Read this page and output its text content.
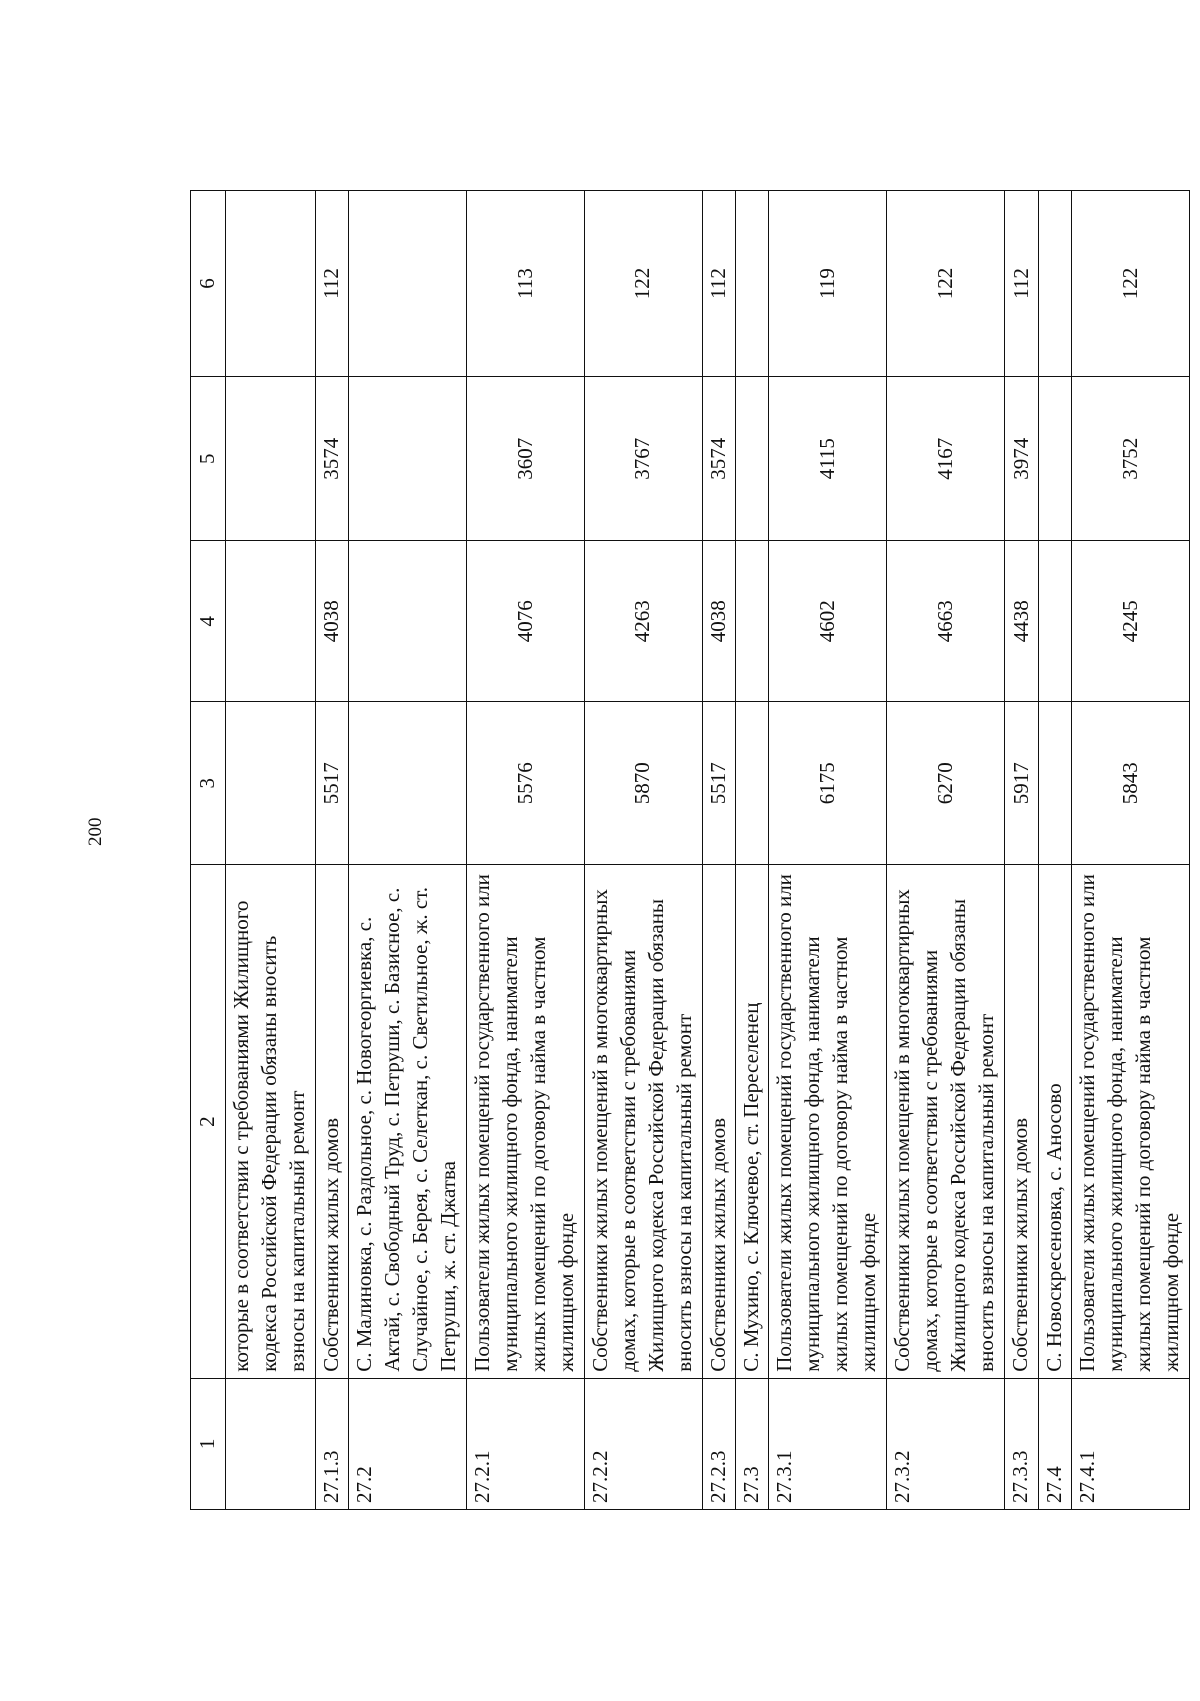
200
1	2	3	4	5	6
	которые в соответствии с требованиями Жилищного кодекса Российской Федерации обязаны вносить взносы на капитальный ремонт				
27.1.3	Собственники жилых домов	5517	4038	3574	112
27.2	С. Малиновка, с. Раздольное, с. Новогеоргиевка, с. Актай, с. Свободный Труд, с. Петруши, с. Базисное, с. Случайное, с. Берея, с. Селеткан, с. Светильное, ж. ст. Петруши, ж. ст. Джатва				
27.2.1	Пользователи жилых помещений государственного или муниципального жилищного фонда, наниматели жилых помещений по договору найма в частном жилищном фонде	5576	4076	3607	113
27.2.2	Собственники жилых помещений в многоквартирных домах, которые в соответствии с требованиями Жилищного кодекса Российской Федерации обязаны вносить взносы на капитальный ремонт	5870	4263	3767	122
27.2.3	Собственники жилых домов	5517	4038	3574	112
27.3	С. Мухино, с. Ключевое, ст. Переселенец				
27.3.1	Пользователи жилых помещений государственного или муниципального жилищного фонда, наниматели жилых помещений по договору найма в частном жилищном фонде	6175	4602	4115	119
27.3.2	Собственники жилых помещений в многоквартирных домах, которые в соответствии с требованиями Жилищного кодекса Российской Федерации обязаны вносить взносы на капитальный ремонт	6270	4663	4167	122
27.3.3	Собственники жилых домов	5917	4438	3974	112
27.4	С. Новоскресеновка, с. Аносово				
27.4.1	Пользователи жилых помещений государственного или муниципального жилищного фонда, наниматели жилых помещений по договору найма в частном жилищном фонде	5843	4245	3752	122
